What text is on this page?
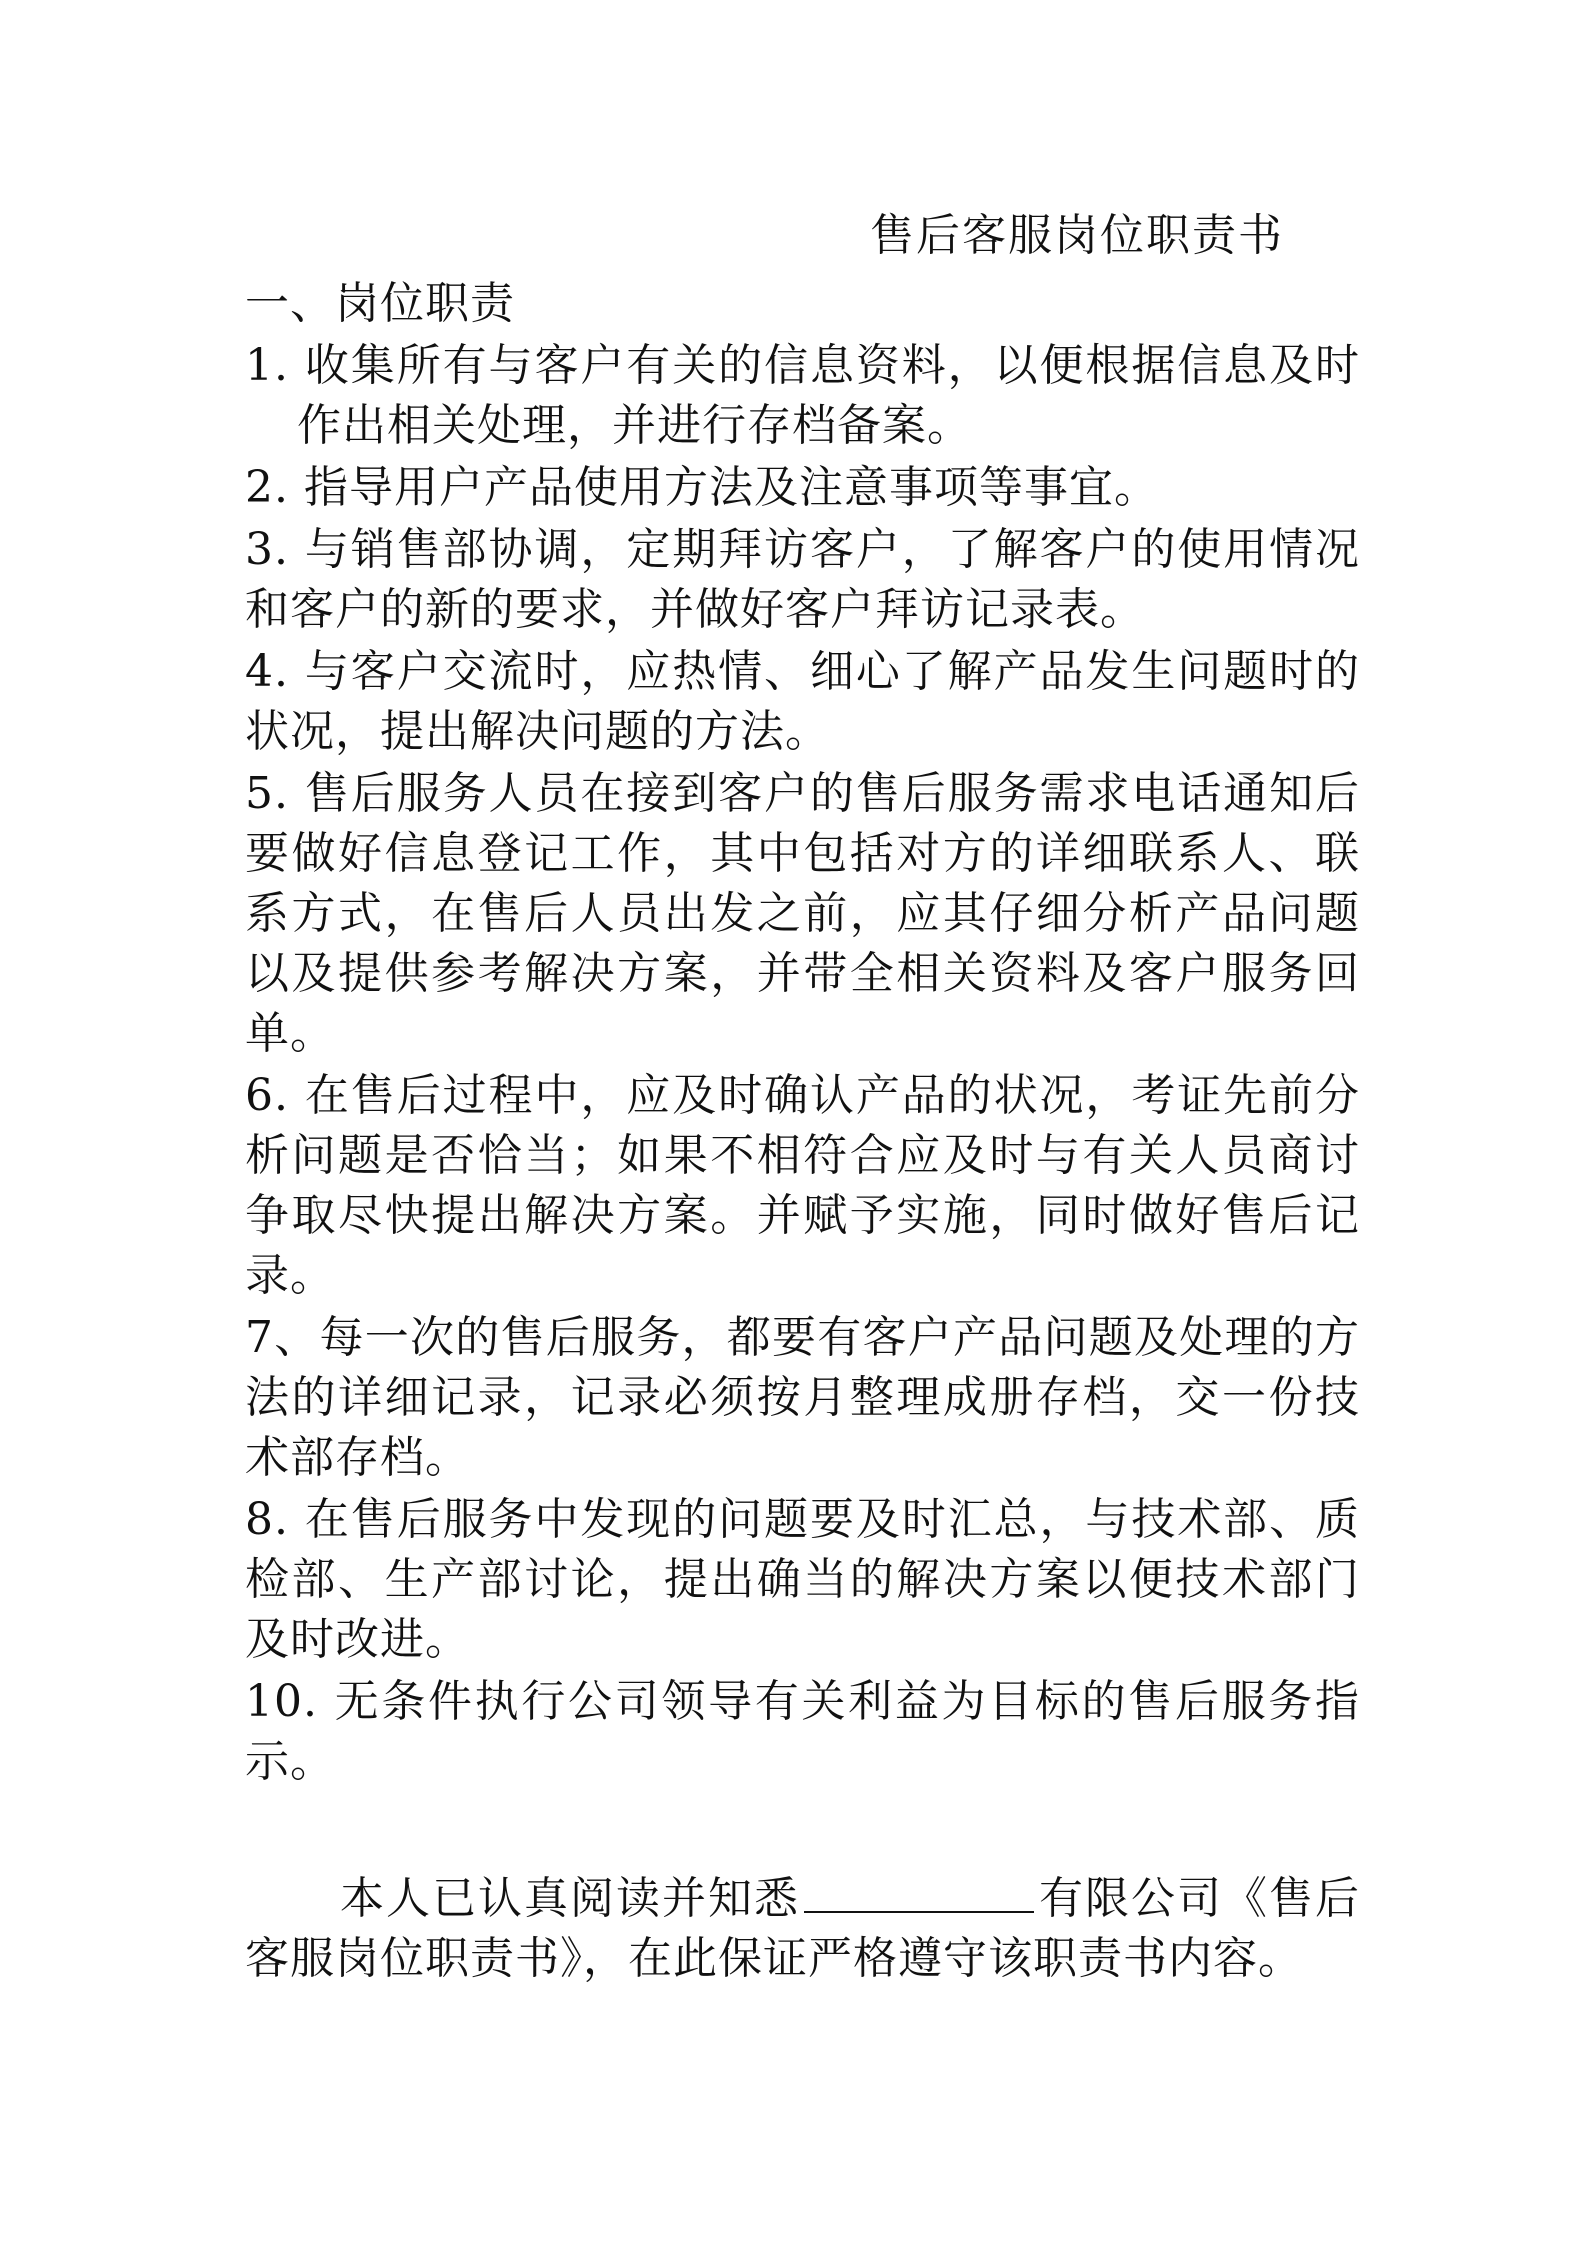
售后客服岗位职责书
一、岗位职责
1. 收集所有与客户有关的信息资料，以便根据信息及时作出相关处理，并进行存档备案。
2. 指导用户产品使用方法及注意事项等事宜。
3. 与销售部协调，定期拜访客户，了解客户的使用情况和客户的新的要求，并做好客户拜访记录表。
4. 与客户交流时，应热情、细心了解产品发生问题时的状况，提出解决问题的方法。
5. 售后服务人员在接到客户的售后服务需求电话通知后要做好信息登记工作，其中包括对方的详细联系人、联系方式，在售后人员出发之前，应其仔细分析产品问题以及提供参考解决方案，并带全相关资料及客户服务回单。
6. 在售后过程中，应及时确认产品的状况，考证先前分析问题是否恰当；如果不相符合应及时与有关人员商讨争取尽快提出解决方案。并赋予实施，同时做好售后记录。
7、每一次的售后服务，都要有客户产品问题及处理的方法的详细记录，记录必须按月整理成册存档，交一份技术部存档。
8. 在售后服务中发现的问题要及时汇总，与技术部、质检部、生产部讨论，提出确当的解决方案以便技术部门及时改进。
10. 无条件执行公司领导有关利益为目标的售后服务指示。
本人已认真阅读并知悉	有限公司《售后客服岗位职责书》，在此保证严格遵守该职责书内容。
